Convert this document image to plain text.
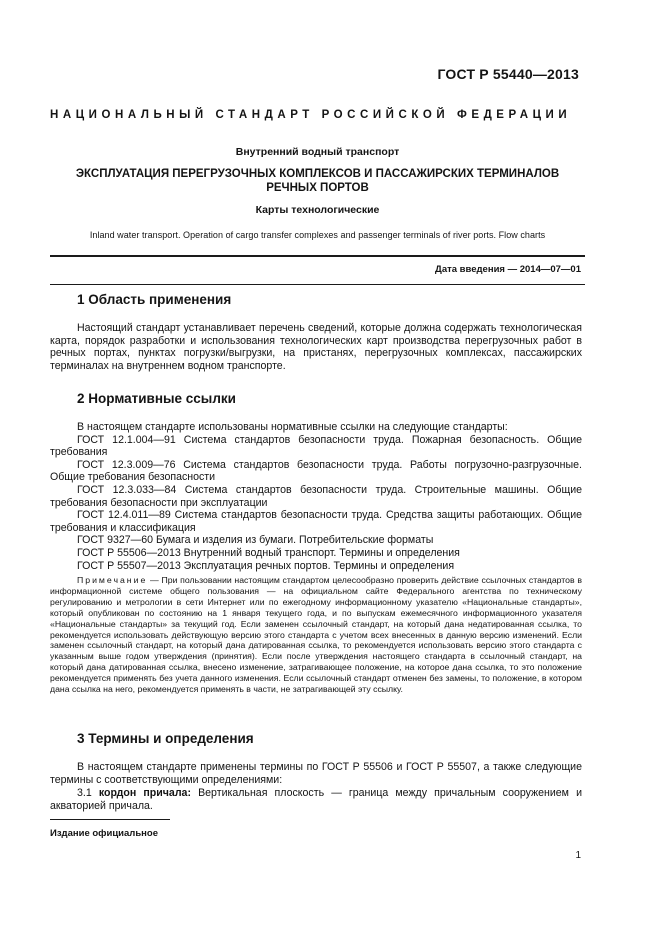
ГОСТ Р 55440—2013
НАЦИОНАЛЬНЫЙ СТАНДАРТ РОССИЙСКОЙ ФЕДЕРАЦИИ
Внутренний водный транспорт
ЭКСПЛУАТАЦИЯ ПЕРЕГРУЗОЧНЫХ КОМПЛЕКСОВ И ПАССАЖИРСКИХ ТЕРМИНАЛОВ РЕЧНЫХ ПОРТОВ
Карты технологические
Inland water transport. Operation of cargo transfer complexes and passenger terminals of river ports. Flow charts
Дата введения — 2014—07—01
1 Область применения
Настоящий стандарт устанавливает перечень сведений, которые должна содержать технологическая карта, порядок разработки и использования технологических карт производства перегрузочных работ в речных портах, пунктах погрузки/выгрузки, на пристанях, перегрузочных комплексах, пассажирских терминалах на внутреннем водном транспорте.
2 Нормативные ссылки

В настоящем стандарте использованы нормативные ссылки на следующие стандарты:

ГОСТ 12.1.004—91 Система стандартов безопасности труда. Пожарная безопасность. Общие требования

ГОСТ 12.3.009—76 Система стандартов безопасности труда. Работы погрузочно-разгрузочные. Общие требования безопасности

ГОСТ 12.3.033—84 Система стандартов безопасности труда. Строительные машины. Общие требования безопасности при эксплуатации

ГОСТ 12.4.011—89 Система стандартов безопасности труда. Средства защиты работающих. Общие требования и классификация

ГОСТ 9327—60 Бумага и изделия из бумаги. Потребительские форматы

ГОСТ Р 55506—2013 Внутренний водный транспорт. Термины и определения

ГОСТ Р 55507—2013 Эксплуатация речных портов. Термины и определения

Примечание — При пользовании настоящим стандартом целесообразно проверить действие ссылочных стандартов в информационной системе общего пользования — на официальном сайте Федерального агентства по техническому регулированию и метрологии в сети Интернет или по ежегодному информационному указателю «Национальные стандарты», который опубликован по состоянию на 1 января текущего года, и по выпускам ежемесячного информационного указателя «Национальные стандарты» за текущий год. Если заменен ссылочный стандарт, на который дана недатированная ссылка, то рекомендуется использовать действующую версию этого стандарта с учетом всех внесенных в данную версию изменений. Если заменен ссылочный стандарт, на который дана датированная ссылка, то рекомендуется использовать версию этого стандарта с указанным выше годом утверждения (принятия). Если после утверждения настоящего стандарта в ссылочный стандарт, на который дана датированная ссылка, внесено изменение, затрагивающее положение, на которое дана ссылка, то это положение рекомендуется применять без учета данного изменения. Если ссылочный стандарт отменен без замены, то положение, в котором дана ссылка на него, рекомендуется применять в части, не затрагивающей эту ссылку.
3 Термины и определения
В настоящем стандарте применены термины по ГОСТ Р 55506 и ГОСТ Р 55507, а также следующие термины с соответствующими определениями:
3.1 кордон причала: Вертикальная плоскость — граница между причальным сооружением и акваторией причала.
Издание официальное
1
